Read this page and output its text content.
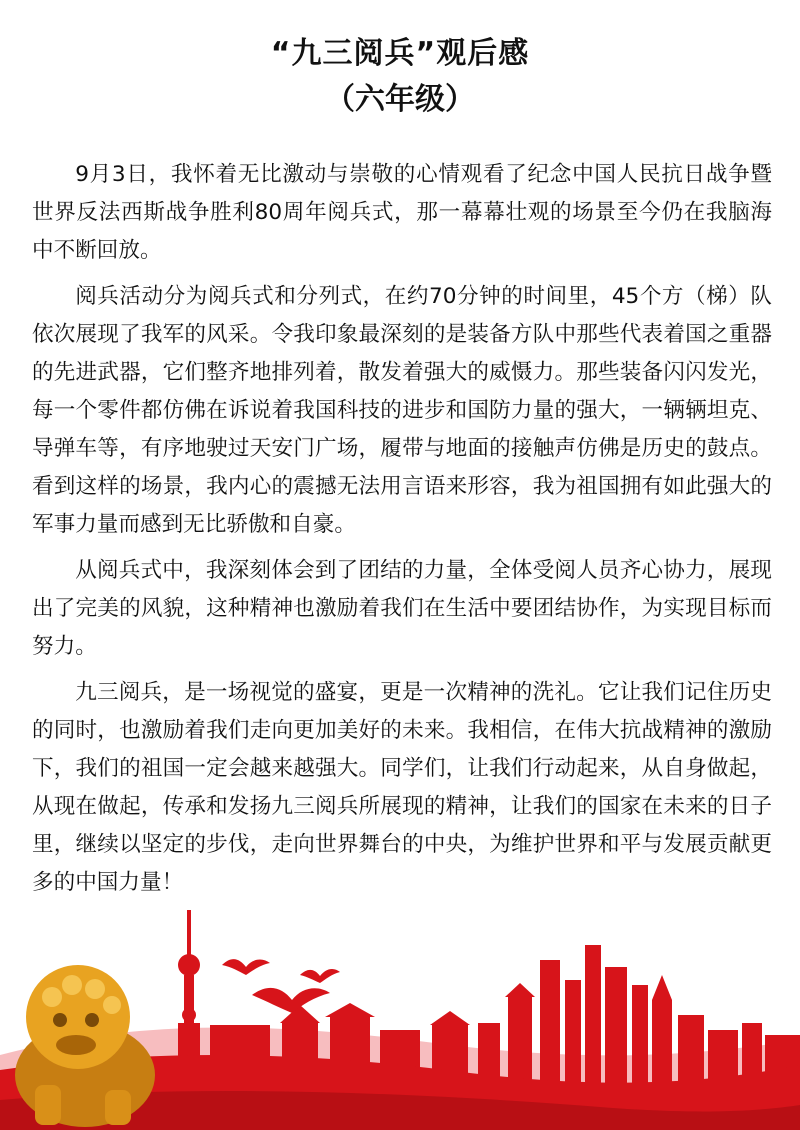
“九三阅兵”观后感
（六年级）

9月3日，我怀着无比激动与崇敬的心情观看了纪念中国人民抗日战争暨世界反法西斯战争胜利80周年阅兵式，那一幕幕壮观的场景至今仍在我脑海中不断回放。

阅兵活动分为阅兵式和分列式，在约70分钟的时间里，45个方（梯）队依次展现了我军的风采。令我印象最深刻的是装备方队中那些代表着国之重器的先进武器，它们整齐地排列着，散发着强大的威慑力。那些装备闪闪发光，每一个零件都仿佛在诉说着我国科技的进步和国防力量的强大，一辆辆坦克、导弹车等，有序地驶过天安门广场，履带与地面的接触声仿佛是历史的鼓点。看到这样的场景，我内心的震撼无法用言语来形容，我为祖国拥有如此强大的军事力量而感到无比骄傲和自豪。

从阅兵式中，我深刻体会到了团结的力量，全体受阅人员齐心协力，展现出了完美的风貌，这种精神也激励着我们在生活中要团结协作，为实现目标而努力。

九三阅兵，是一场视觉的盛宴，更是一次精神的洗礼。它让我们记住历史的同时，也激励着我们走向更加美好的未来。我相信，在伟大抗战精神的激励下，我们的祖国一定会越来越强大。同学们，让我们行动起来，从自身做起，从现在做起，传承和发扬九三阅兵所展现的精神，让我们的国家在未来的日子里，继续以坚定的步伐，走向世界舞台的中央，为维护世界和平与发展贡献更多的中国力量！
